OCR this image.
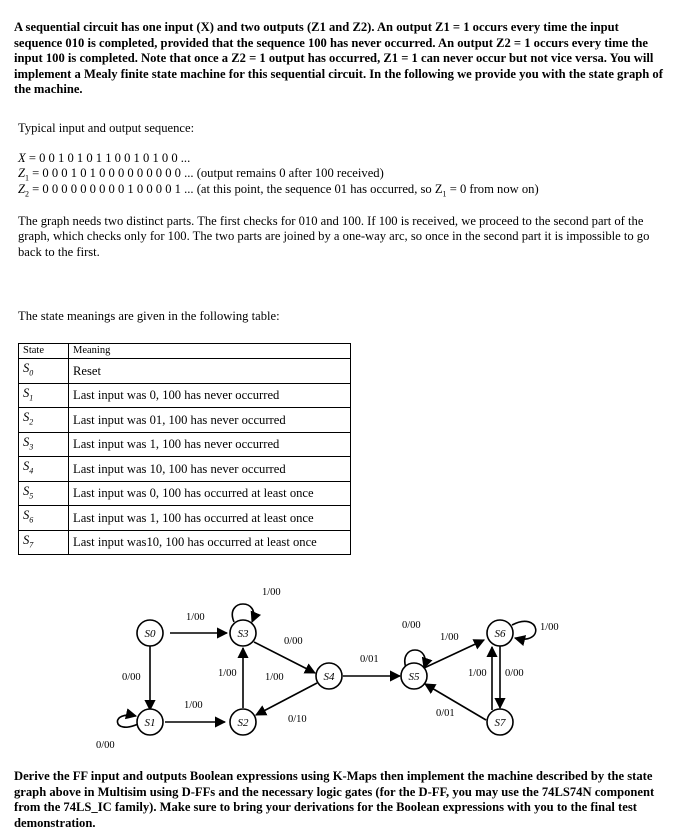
A sequential circuit has one input (X) and two outputs (Z1 and Z2). An output Z1 = 1 occurs every time the input sequence 010 is completed, provided that the sequence 100 has never occurred. An output Z2 = 1 occurs every time the input 100 is completed. Note that once a Z2 = 1 output has occurred, Z1 = 1 can never occur but not vice versa. You will implement a Mealy finite state machine for this sequential circuit. In the following we provide you with the state graph of the machine.

Typical input and output sequence:

X = 0 0 1 0 1 0 1 1 0 0 1 0 1 0 0 ...

$Z_1 = 0$ 0 0 1 0 1 0 0 0 0 0 0 0 0 0 ... (output remains 0 after 100 received)

$Z_2 = 0$ 0 0 0 0 0 0 0 0 1 0 0 0 0 1 ... (at this point, the sequence 01 has occurred, so $Z_1 = 0$ from now on)

The graph needs two distinct parts. The first checks for 010 and 100. If 100 is received, we proceed to the second part of the graph, which checks only for 100. The two parts are joined by a one-way arc, so once in the second part it is impossible to go back to the first.

The state meanings are given in the following table:

State	Meaning
$S_0$	Reset
$S_1$	Last input was 0, 100 has never occurred
$S_2$	Last input was 01, 100 has never occurred
$S_3$	Last input was 1, 100 has never occurred
$S_4$	Last input was 10, 100 has never occurred
$S_5$	Last input was 0, 100 has occurred at least once
$S_6$	Last input was 1, 100 has occurred at least once
$S_7$	Last input was10, 100 has occurred at least once
S0
S1	S2
S3
S4	S5
S6
S7
1/00
0/00
0/00
1/00
1/00
0/10
1/00
0/00
1/00
0/01
0/00
1/00
1/00
0/00
1/00
0/01

Derive the FF input and outputs Boolean expressions using K-Maps then implement the machine described by the state graph above in Multisim using D-FFs and the necessary logic gates (for the D-FF, you may use the 74LS74N component from the 74LS_IC family). Make sure to bring your derivations for the Boolean expressions with you to the final test demonstration.
